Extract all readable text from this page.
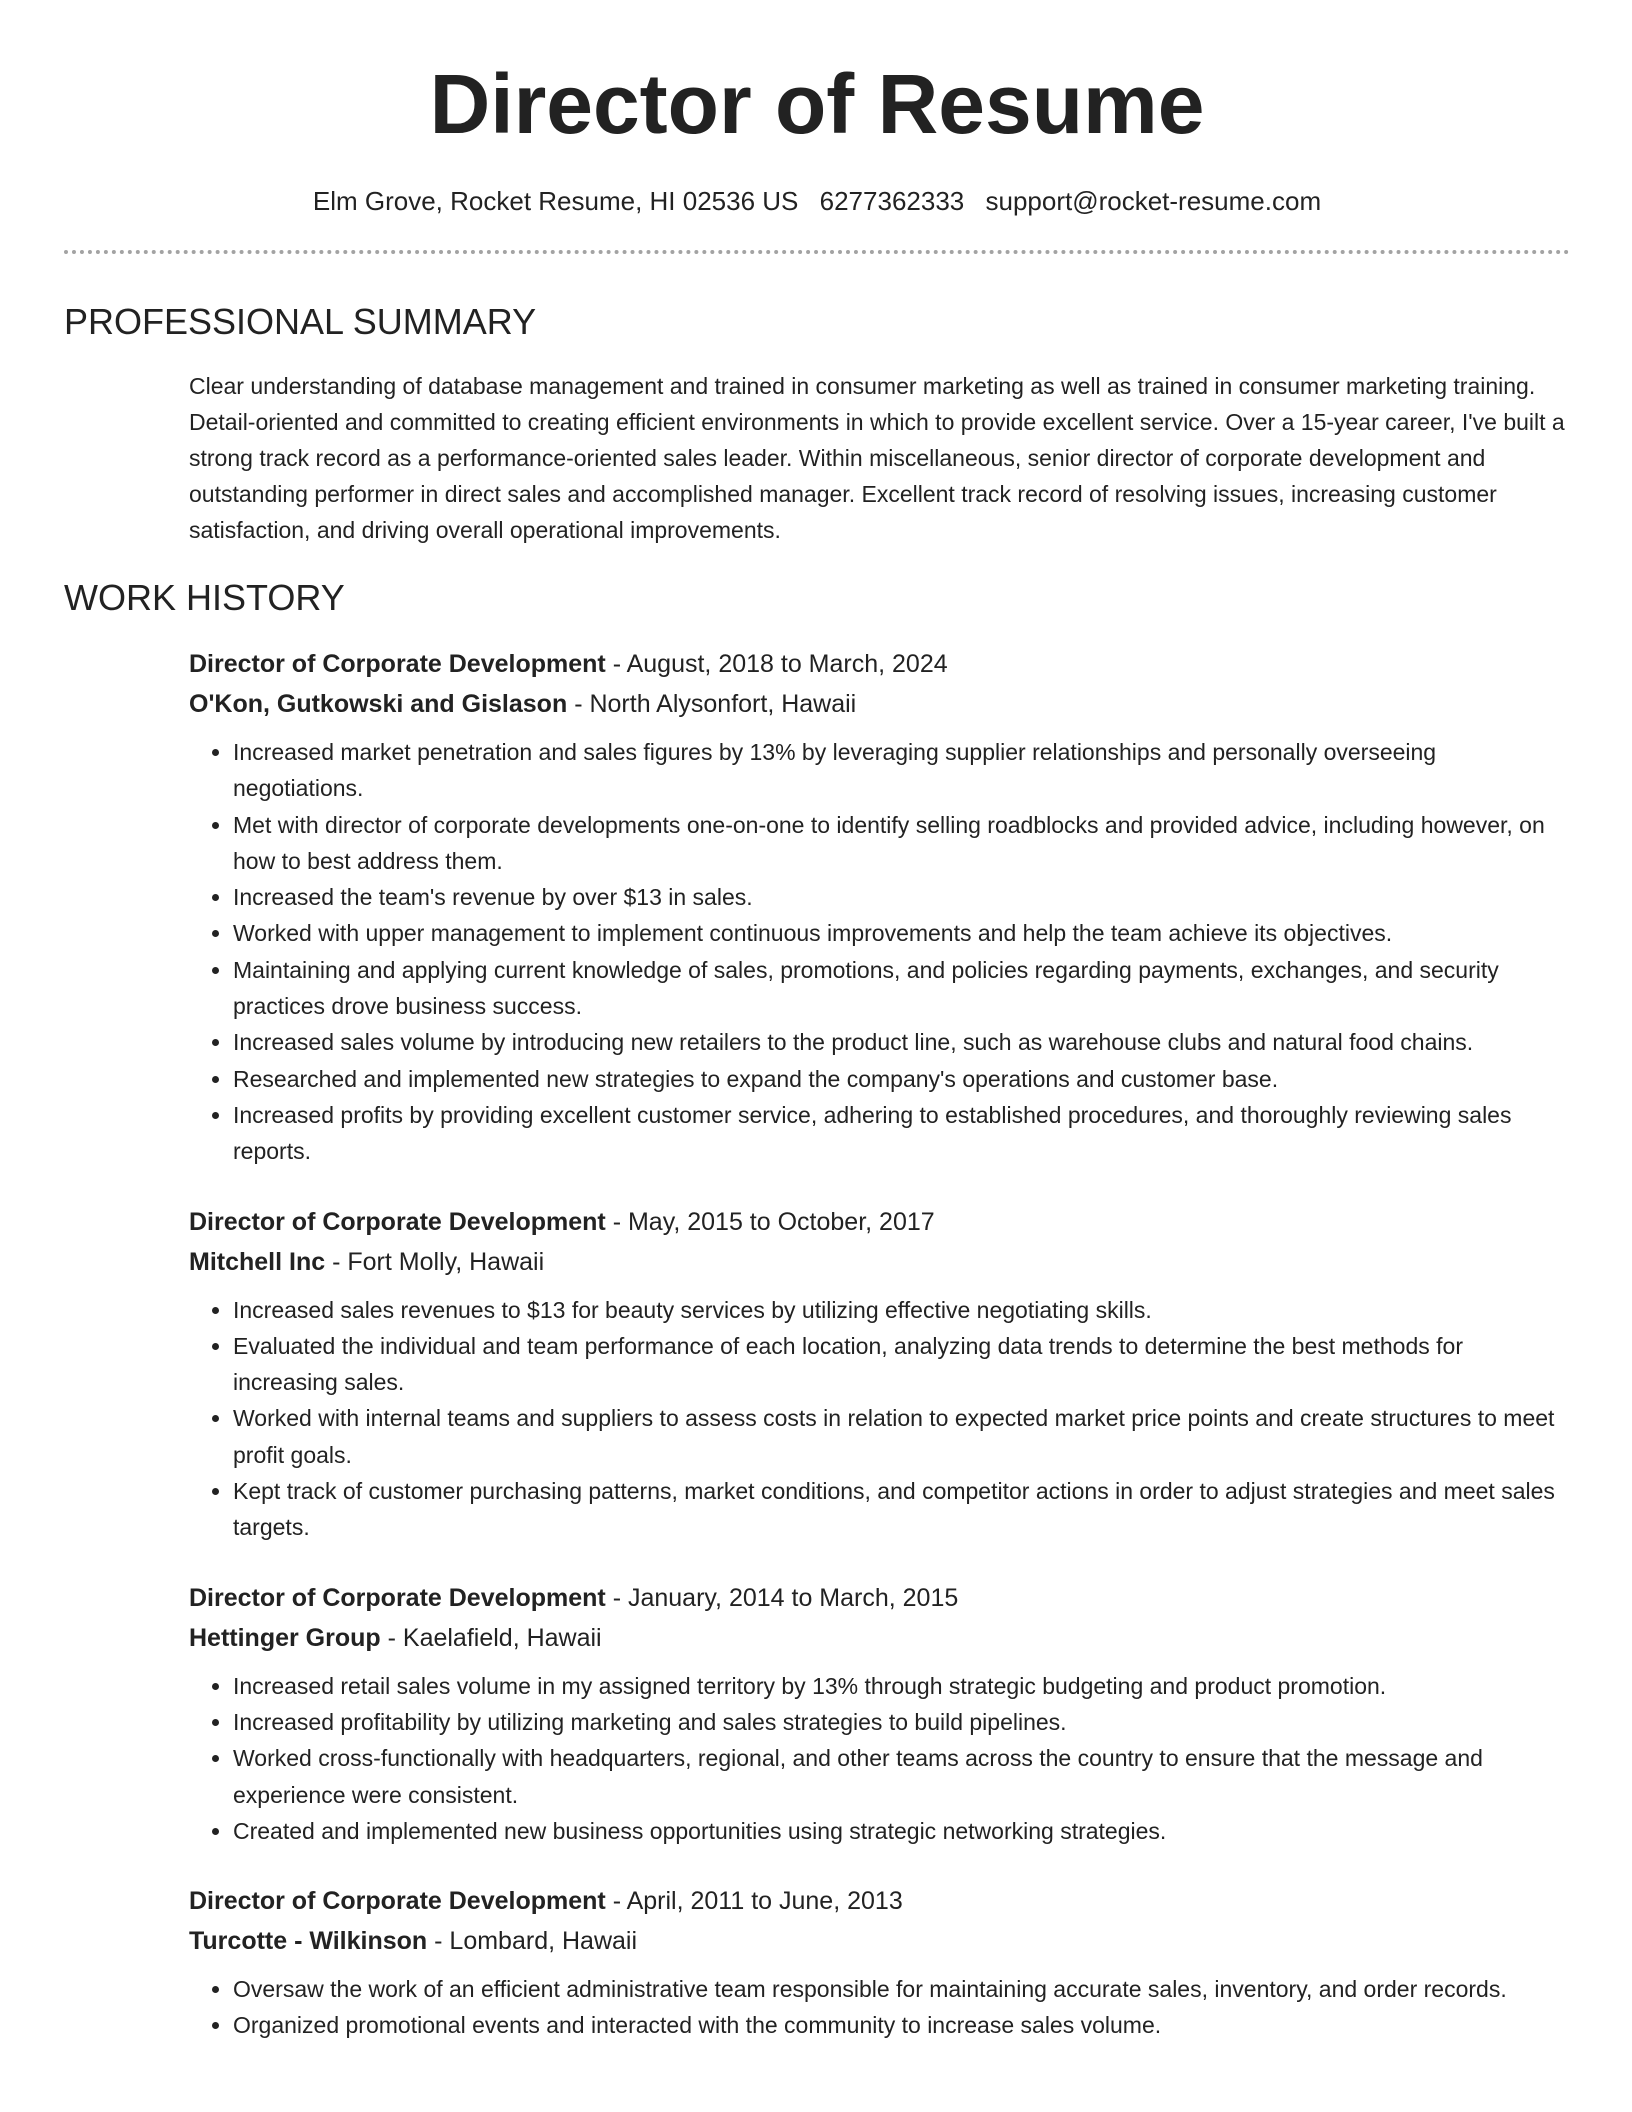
Director of Resume
Elm Grove, Rocket Resume, HI 02536 US 6277362333 support@rocket-resume.com
PROFESSIONAL SUMMARY
Clear understanding of database management and trained in consumer marketing as well as trained in consumer marketing training. Detail-oriented and committed to creating efficient environments in which to provide excellent service. Over a 15-year career, I've built a strong track record as a performance-oriented sales leader. Within miscellaneous, senior director of corporate development and outstanding performer in direct sales and accomplished manager. Excellent track record of resolving issues, increasing customer satisfaction, and driving overall operational improvements.
WORK HISTORY
Director of Corporate Development - August, 2018 to March, 2024
O'Kon, Gutkowski and Gislason - North Alysonfort, Hawaii
• Increased market penetration and sales figures by 13% by leveraging supplier relationships and personally overseeing negotiations.
• Met with director of corporate developments one-on-one to identify selling roadblocks and provided advice, including however, on how to best address them.
• Increased the team's revenue by over $13 in sales.
• Worked with upper management to implement continuous improvements and help the team achieve its objectives.
• Maintaining and applying current knowledge of sales, promotions, and policies regarding payments, exchanges, and security practices drove business success.
• Increased sales volume by introducing new retailers to the product line, such as warehouse clubs and natural food chains.
• Researched and implemented new strategies to expand the company's operations and customer base.
• Increased profits by providing excellent customer service, adhering to established procedures, and thoroughly reviewing sales reports.
Director of Corporate Development - May, 2015 to October, 2017
Mitchell Inc - Fort Molly, Hawaii
• Increased sales revenues to $13 for beauty services by utilizing effective negotiating skills.
• Evaluated the individual and team performance of each location, analyzing data trends to determine the best methods for increasing sales.
• Worked with internal teams and suppliers to assess costs in relation to expected market price points and create structures to meet profit goals.
• Kept track of customer purchasing patterns, market conditions, and competitor actions in order to adjust strategies and meet sales targets.
Director of Corporate Development - January, 2014 to March, 2015
Hettinger Group - Kaelafield, Hawaii
• Increased retail sales volume in my assigned territory by 13% through strategic budgeting and product promotion.
• Increased profitability by utilizing marketing and sales strategies to build pipelines.
• Worked cross-functionally with headquarters, regional, and other teams across the country to ensure that the message and experience were consistent.
• Created and implemented new business opportunities using strategic networking strategies.
Director of Corporate Development - April, 2011 to June, 2013
Turcotte - Wilkinson - Lombard, Hawaii
• Oversaw the work of an efficient administrative team responsible for maintaining accurate sales, inventory, and order records.
• Organized promotional events and interacted with the community to increase sales volume.
